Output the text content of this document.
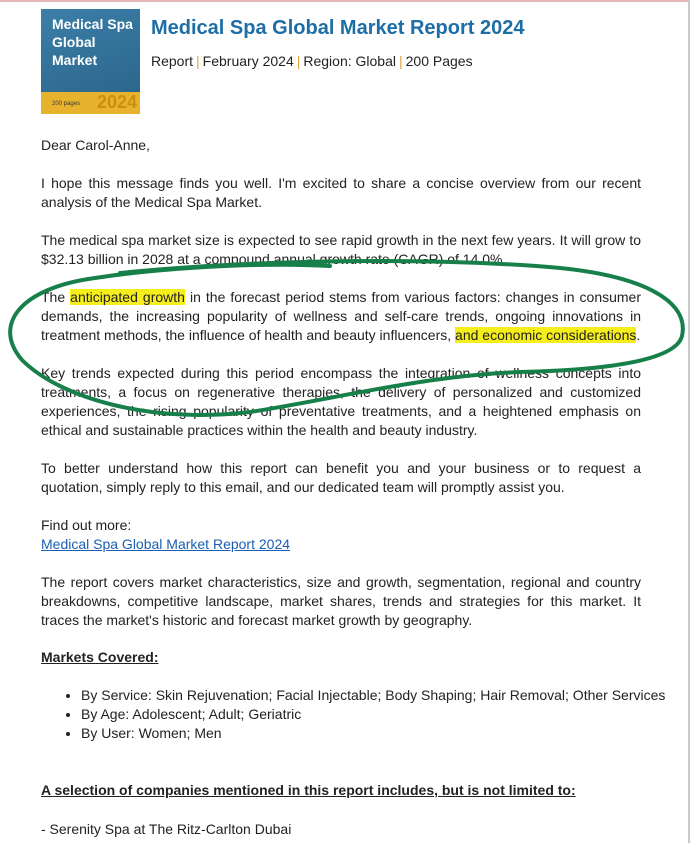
Medical Spa
Global
Market
200 pages 2024
Medical Spa Global Market Report 2024
Report | February 2024 | Region: Global | 200 Pages

Dear Carol-Anne,

I hope this message finds you well. I'm excited to share a concise overview from our recent analysis of the Medical Spa Market.

The medical spa market size is expected to see rapid growth in the next few years. It will grow to $32.13 billion in 2028 at a compound annual growth rate (CAGR) of 14.0%.

The anticipated growth in the forecast period stems from various factors: changes in consumer demands, the increasing popularity of wellness and self-care trends, ongoing innovations in treatment methods, the influence of health and beauty influencers, and economic considerations.

Key trends expected during this period encompass the integration of wellness concepts into treatments, a focus on regenerative therapies, the delivery of personalized and customized experiences, the rising popularity of preventative treatments, and a heightened emphasis on ethical and sustainable practices within the health and beauty industry.

To better understand how this report can benefit you and your business or to request a quotation, simply reply to this email, and our dedicated team will promptly assist you.

Find out more:

Medical Spa Global Market Report 2024

The report covers market characteristics, size and growth, segmentation, regional and country breakdowns, competitive landscape, market shares, trends and strategies for this market. It traces the market's historic and forecast market growth by geography.

Markets Covered:
• By Service: Skin Rejuvenation; Facial Injectable; Body Shaping; Hair Removal; Other Services
• By Age: Adolescent; Adult; Geriatric
• By User: Women; Men
A selection of companies mentioned in this report includes, but is not limited to:

- Serenity Spa at The Ritz-Carlton Dubai
